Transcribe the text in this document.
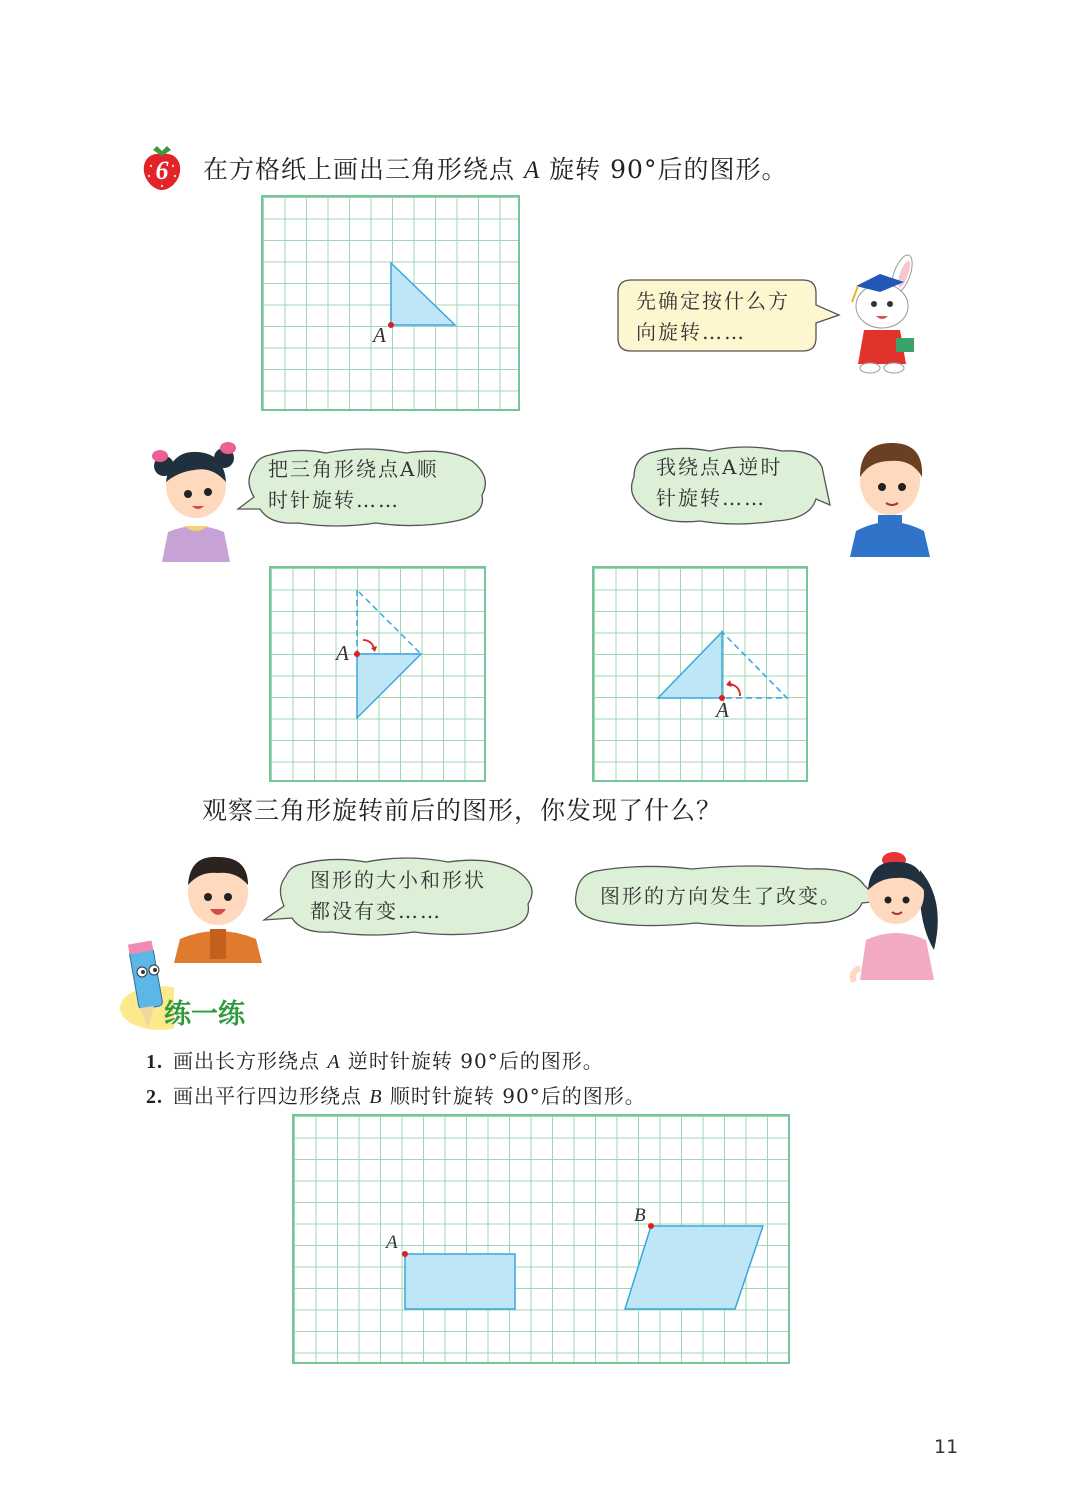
6	在方格纸上画出三角形绕点 A 旋转 90°后的图形。
A
先确定按什么方
向旋转……
把三角形绕点A顺
时针旋转……
我绕点A逆时
针旋转……
A
A
观察三角形旋转前后的图形，你发现了什么？
图形的大小和形状
都没有变……
图形的方向发生了改变。
练一练
1. 画出长方形绕点 A 逆时针旋转 90°后的图形。
2. 画出平行四边形绕点 B 顺时针旋转 90°后的图形。
A
B
11
